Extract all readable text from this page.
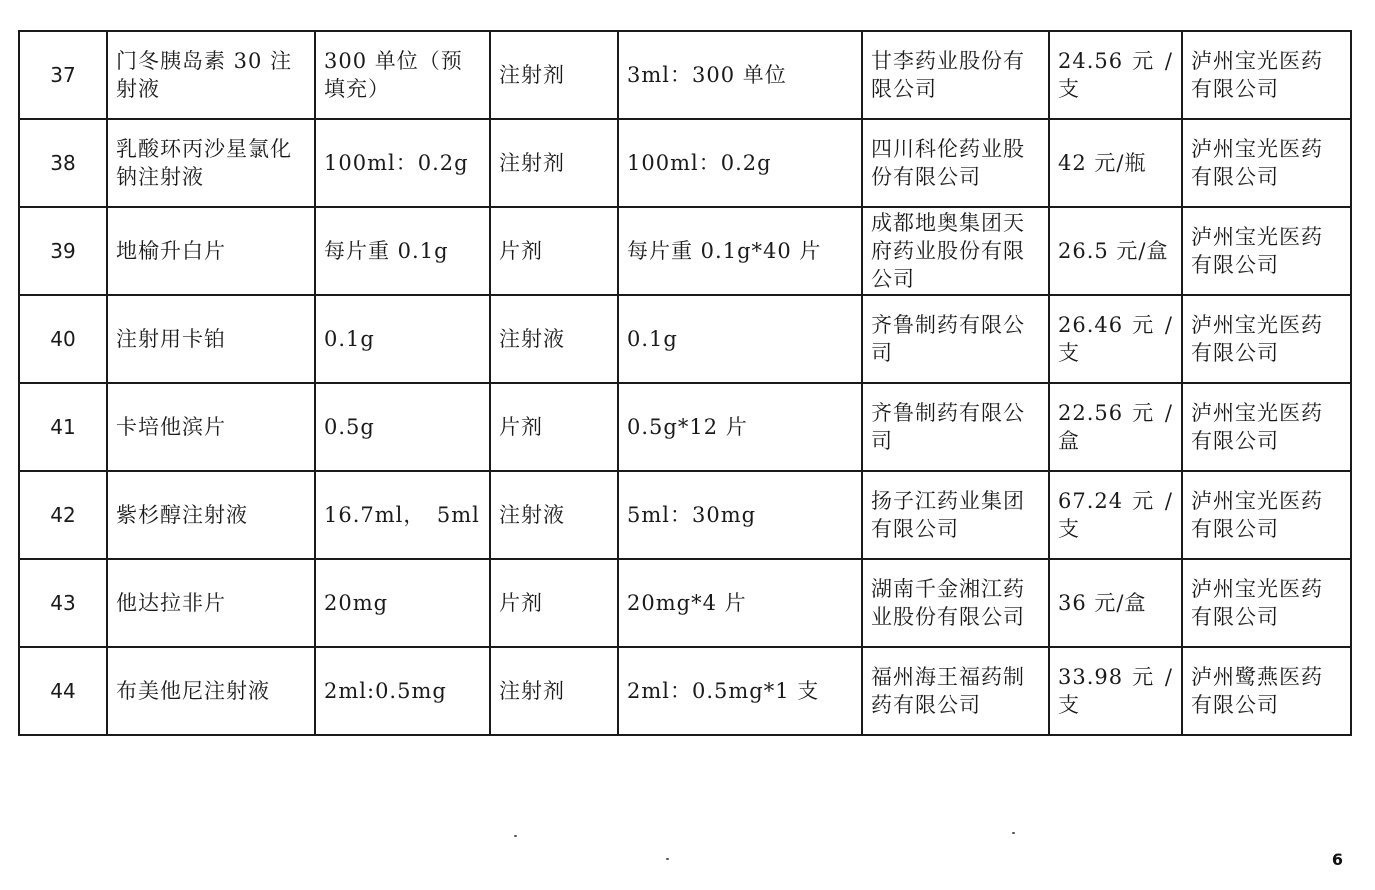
37	门冬胰岛素 30 注射液	300 单位（预填充）	注射剂	3ml：300 单位	甘李药业股份有限公司	24.56 元 / 支	泸州宝光医药有限公司
38	乳酸环丙沙星氯化钠注射液	100ml：0.2g	注射剂	100ml：0.2g	四川科伦药业股份有限公司	42 元/瓶	泸州宝光医药有限公司
39	地榆升白片	每片重 0.1g	片剂	每片重 0.1g*40 片	成都地奥集团天府药业股份有限公司	26.5 元/盒	泸州宝光医药有限公司
40	注射用卡铂	0.1g	注射液	0.1g	齐鲁制药有限公司	26.46 元 / 支	泸州宝光医药有限公司
41	卡培他滨片	0.5g	片剂	0.5g*12 片	齐鲁制药有限公司	22.56 元 / 盒	泸州宝光医药有限公司
42	紫杉醇注射液	16.7ml，　5ml	注射液	5ml：30mg	扬子江药业集团有限公司	67.24 元 / 支	泸州宝光医药有限公司
43	他达拉非片	20mg	片剂	20mg*4 片	湖南千金湘江药业股份有限公司	36 元/盒	泸州宝光医药有限公司
44	布美他尼注射液	2ml:0.5mg	注射剂	2ml：0.5mg*1 支	福州海王福药制药有限公司	33.98 元 / 支	泸州鹭燕医药有限公司
6
